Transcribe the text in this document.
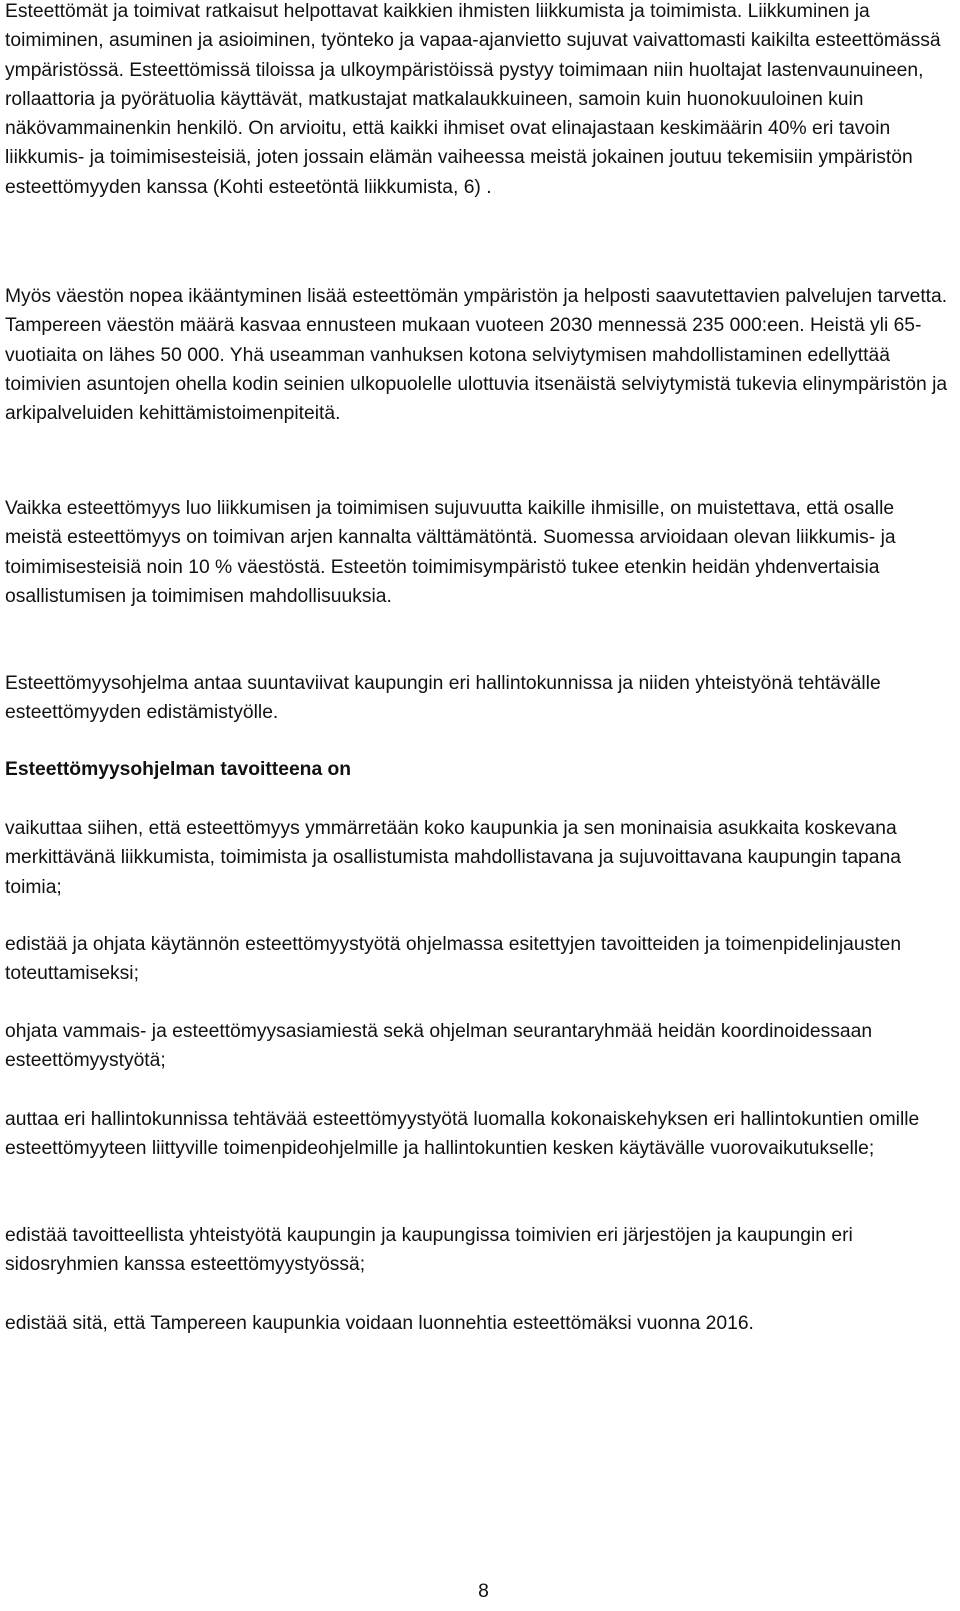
Esteettömät ja toimivat ratkaisut helpottavat kaikkien ihmisten liikkumista ja toimimista. Liikkuminen ja toimiminen, asuminen ja asioiminen, työnteko ja vapaa-ajanvietto sujuvat vaivattomasti kaikilta esteettömässä ympäristössä. Esteettömissä tiloissa ja ulkoympäristöissä pystyy toimimaan niin huoltajat lastenvaunuineen, rollaattoria ja pyörätuolia käyttävät, matkustajat matkalaukkuineen, samoin kuin huonokuuloinen kuin näkövammainenkin henkilö. On arvioitu, että kaikki ihmiset ovat elinajastaan keskimäärin 40% eri tavoin liikkumis- ja toimimisesteisiä, joten jossain elämän vaiheessa meistä jokainen joutuu tekemisiin ympäristön esteettömyyden kanssa (Kohti esteetöntä liikkumista, 6) .

Myös väestön nopea ikääntyminen lisää esteettömän ympäristön ja helposti saavutettavien palvelujen tarvetta. Tampereen väestön määrä kasvaa ennusteen mukaan vuoteen 2030 mennessä 235 000:een. Heistä yli 65-vuotiaita on lähes 50 000. Yhä useamman vanhuksen kotona selviytymisen mahdollistaminen edellyttää toimivien asuntojen ohella kodin seinien ulkopuolelle ulottuvia itsenäistä selviytymistä tukevia elinympäristön ja arkipalveluiden kehittämistoimenpiteitä.

Vaikka esteettömyys luo liikkumisen ja toimimisen sujuvuutta kaikille ihmisille, on muistettava, että osalle meistä esteettömyys on toimivan arjen kannalta välttämätöntä. Suomessa arvioidaan olevan liikkumis- ja toimimisesteisiä noin 10 % väestöstä. Esteetön toimimisympäristö tukee etenkin heidän yhdenvertaisia osallistumisen ja toimimisen mahdollisuuksia.

Esteettömyysohjelma antaa suuntaviivat kaupungin eri hallintokunnissa ja niiden yhteistyönä tehtävälle esteettömyyden edistämistyölle.

Esteettömyysohjelman tavoitteena on

vaikuttaa siihen, että esteettömyys ymmärretään koko kaupunkia ja sen moninaisia asukkaita koskevana merkittävänä liikkumista, toimimista ja osallistumista mahdollistavana ja sujuvoittavana kaupungin tapana toimia;

edistää ja ohjata käytännön esteettömyystyötä ohjelmassa esitettyjen tavoitteiden ja toimenpidelinjausten toteuttamiseksi;

ohjata vammais- ja esteettömyysasiamiestä sekä ohjelman seurantaryhmää heidän koordinoidessaan esteettömyystyötä;

auttaa eri hallintokunnissa tehtävää esteettömyystyötä luomalla kokonaiskehyksen eri hallintokuntien omille esteettömyyteen liittyville toimenpideohjelmille ja hallintokuntien kesken käytävälle vuorovaikutukselle;

edistää tavoitteellista yhteistyötä kaupungin ja kaupungissa toimivien eri järjestöjen ja kaupungin eri sidosryhmien kanssa esteettömyystyössä;

edistää sitä, että Tampereen kaupunkia voidaan luonnehtia esteettömäksi vuonna 2016.

8
